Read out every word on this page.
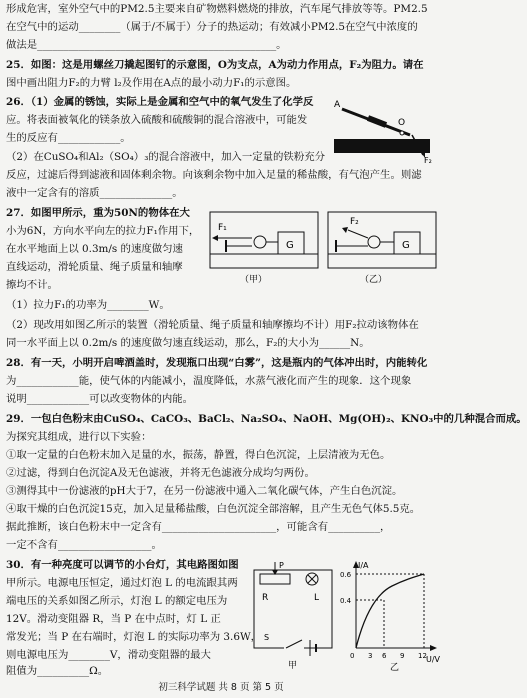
形成危害，室外空气中的PM2.5主要来自矿物燃料燃烧的排放，汽车尾气排放等等。PM2.5
在空气中的运动________（属于/不属于）分子的热运动；有效减小PM2.5在空气中浓度的
做法是______________________________________________。
25．如图：这是用螺丝刀撬起图钉的示意图，O为支点，A为动力作用点，F₂为阻力。请在
图中画出阻力F₂的力臂 l₂及作用在A点的最小动力F₁的示意图。
26．（1）金属的锈蚀，实际上是金属和空气中的氧气发生了化学反
应。将表面被氧化的镁条放入硫酸和硫酸铜的混合溶液中，可能发
生的反应有____________。
（2）在CuSO₄和Al₂（SO₄）₃的混合溶液中，加入一定量的铁粉充分
反应，过滤后得到滤液和固体剩余物。向该剩余物中加入足量的稀盐酸，有气泡产生。则滤
液中一定含有的溶质______________。
27．如图甲所示，重为50N的物体在大
小为6N，方向水平向左的拉力F₁作用下，
在水平地面上以 0.3m/s 的速度做匀速
直线运动，滑轮质量、绳子质量和轴摩
擦均不计。
（1）拉力F₁的功率为________W。
（2）现改用如图乙所示的装置（滑轮质量、绳子质量和轴摩擦均不计）用F₂拉动该物体在
同一水平面上以 0.2m/s 的速度做匀速直线运动，那么，F₂的大小为______N。
28．有一天，小明开启啤酒盖时，发现瓶口出现“白雾”，这是瓶内的气体冲出时，内能转化
为____________能，使气体的内能减小，温度降低，水蒸气液化而产生的现象．这个现象
说明____________可以改变物体的内能。
29．一包白色粉末由CuSO₄、CaCO₃、BaCl₂、Na₂SO₄、NaOH、Mg(OH)₂、KNO₃中的几种混合而成。
为探究其组成，进行以下实验：
①取一定量的白色粉末加入足量的水，振荡，静置，得白色沉淀，上层清液为无色。
②过滤，得到白色沉淀A及无色滤液，并将无色滤液分成均匀两份。
③测得其中一份滤液的pH大于7，在另一份滤液中通入二氧化碳气体，产生白色沉淀。
④取干燥的白色沉淀15克，加入足量稀盐酸，白色沉淀全部溶解，且产生无色气体5.5克。
据此推断，该白色粉末中一定含有______________________，可能含有__________，
一定不含有__________________。
30．有一种亮度可以调节的小台灯，其电路图如图
甲所示。电源电压恒定，通过灯泡 L 的电流跟其两
端电压的关系如图乙所示，灯泡 L 的额定电压为
12V。滑动变阻器 R，当 P 在中点时，灯 L 正
常发光；当 P 在右端时，灯泡 L 的实际功率为 3.6W，
则电源电压为________V，滑动变阻器的最大
阻值为__________Ω。
A
O
F₂
G
F₁
G
F₂
（甲）	（乙）
P
R	L
S
甲
I/A
U/V
0.6
0.4
0 3 6 9 12
乙
初三科学试题 共 8 页 第 5 页
